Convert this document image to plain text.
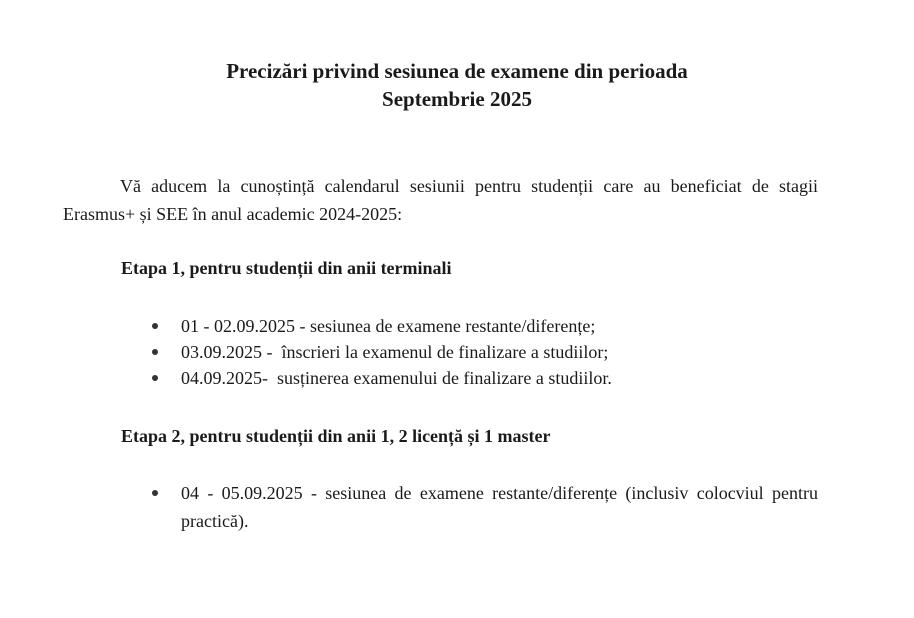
Precizări privind sesiunea de examene din perioada
Septembrie 2025

Vă aducem la cunoștință calendarul sesiunii pentru studenții care au beneficiat de stagii Erasmus+ și SEE în anul academic 2024-2025:

Etapa 1, pentru studenții din anii terminali
01 - 02.09.2025 - sesiunea de examene restante/diferențe;
03.09.2025 -  înscrieri la examenul de finalizare a studiilor;
04.09.2025-  susținerea examenului de finalizare a studiilor.
Etapa 2, pentru studenții din anii 1, 2 licență și 1 master
04 - 05.09.2025 - sesiunea de examene restante/diferențe (inclusiv colocviul pentru practică).
